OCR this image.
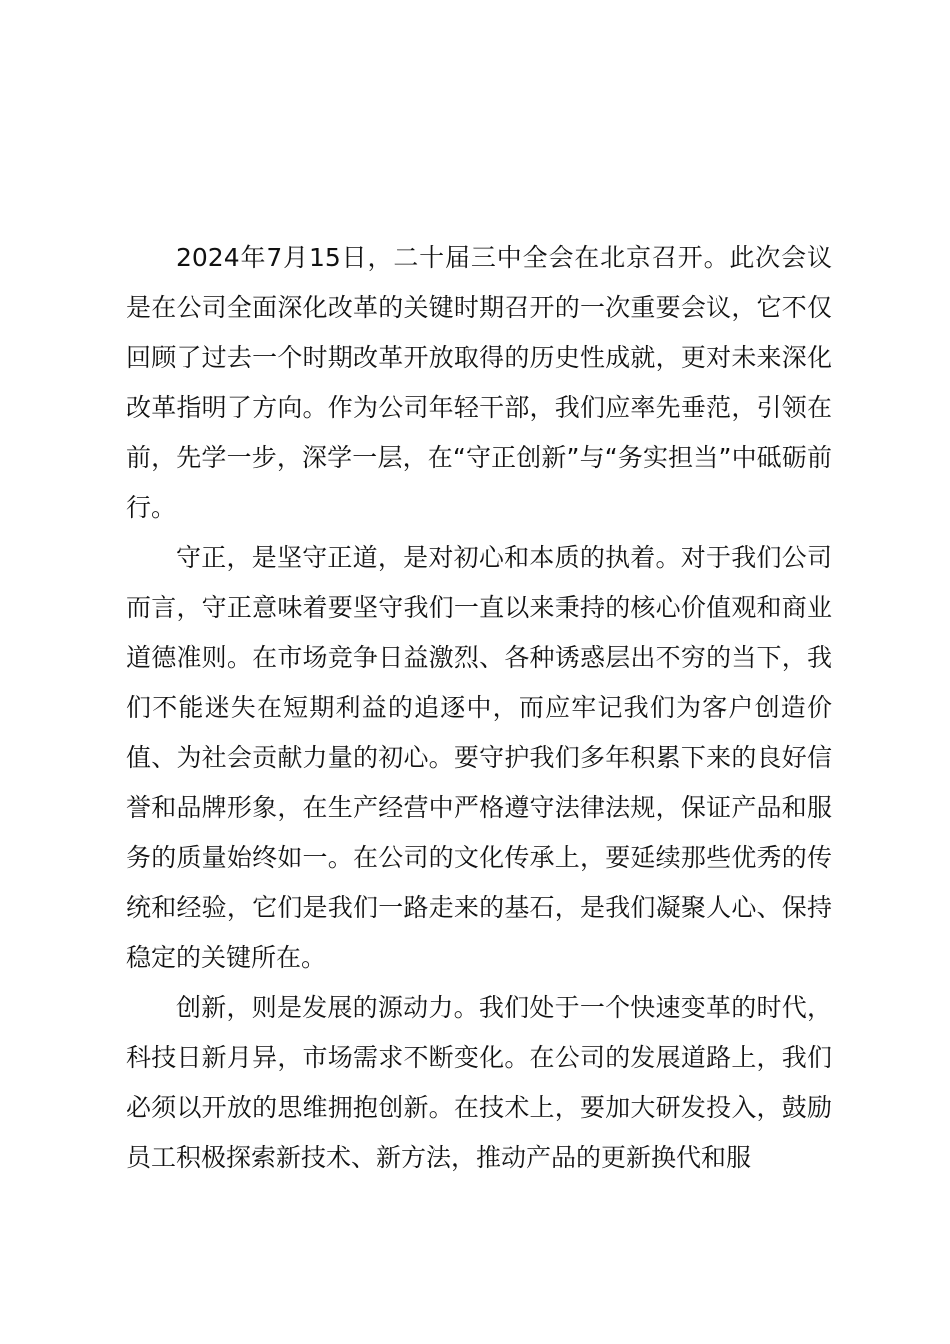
2024年7月15日，二十届三中全会在北京召开。此次会议是在公司全面深化改革的关键时期召开的一次重要会议，它不仅回顾了过去一个时期改革开放取得的历史性成就，更对未来深化改革指明了方向。作为公司年轻干部，我们应率先垂范，引领在前，先学一步，深学一层，在“守正创新”与“务实担当”中砥砺前行。

守正，是坚守正道，是对初心和本质的执着。对于我们公司而言，守正意味着要坚守我们一直以来秉持的核心价值观和商业道德准则。在市场竞争日益激烈、各种诱惑层出不穷的当下，我们不能迷失在短期利益的追逐中，而应牢记我们为客户创造价值、为社会贡献力量的初心。要守护我们多年积累下来的良好信誉和品牌形象，在生产经营中严格遵守法律法规，保证产品和服务的质量始终如一。在公司的文化传承上，要延续那些优秀的传统和经验，它们是我们一路走来的基石，是我们凝聚人心、保持稳定的关键所在。

创新，则是发展的源动力。我们处于一个快速变革的时代，科技日新月异，市场需求不断变化。在公司的发展道路上，我们必须以开放的思维拥抱创新。在技术上，要加大研发投入，鼓励员工积极探索新技术、新方法，推动产品的更新换代和服
